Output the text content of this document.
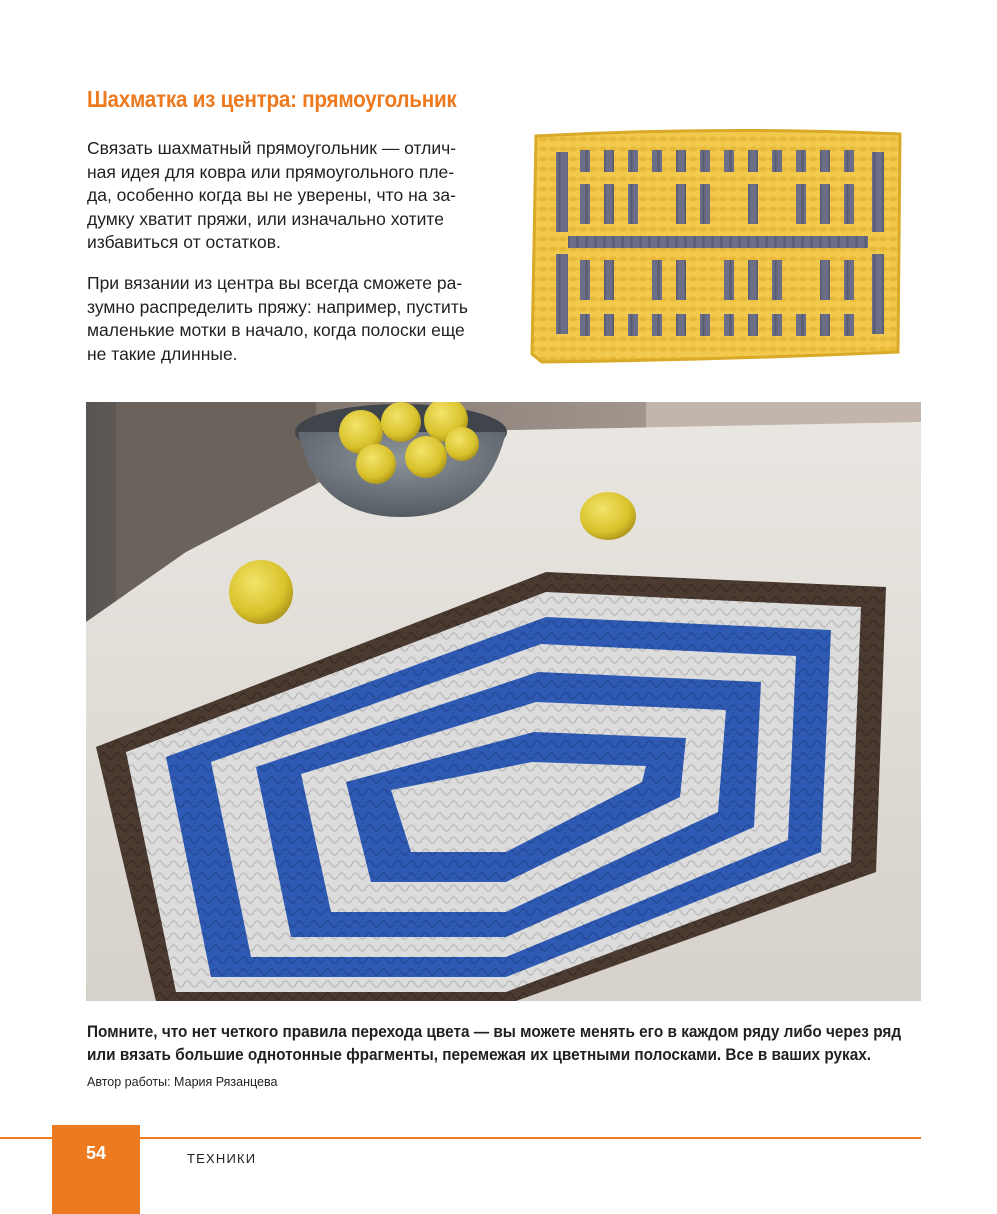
Шахматка из центра: прямоугольник
Связать шахматный прямоугольник — отлич-
ная идея для ковра или прямоугольного пле-
да, особенно когда вы не уверены, что на за-
думку хватит пряжи, или изначально хотите
избавиться от остатков.
При вязании из центра вы всегда сможете ра-
зумно распределить пряжу: например, пустить
маленькие мотки в начало, когда полоски еще
не такие длинные.
Помните, что нет четкого правила перехода цвета — вы можете менять его в каждом ряду либо через ряд
или вязать большие однотонные фрагменты, перемежая их цветными полосками. Все в ваших руках.
Автор работы: Мария Рязанцева
54	ТЕХНИКИ
